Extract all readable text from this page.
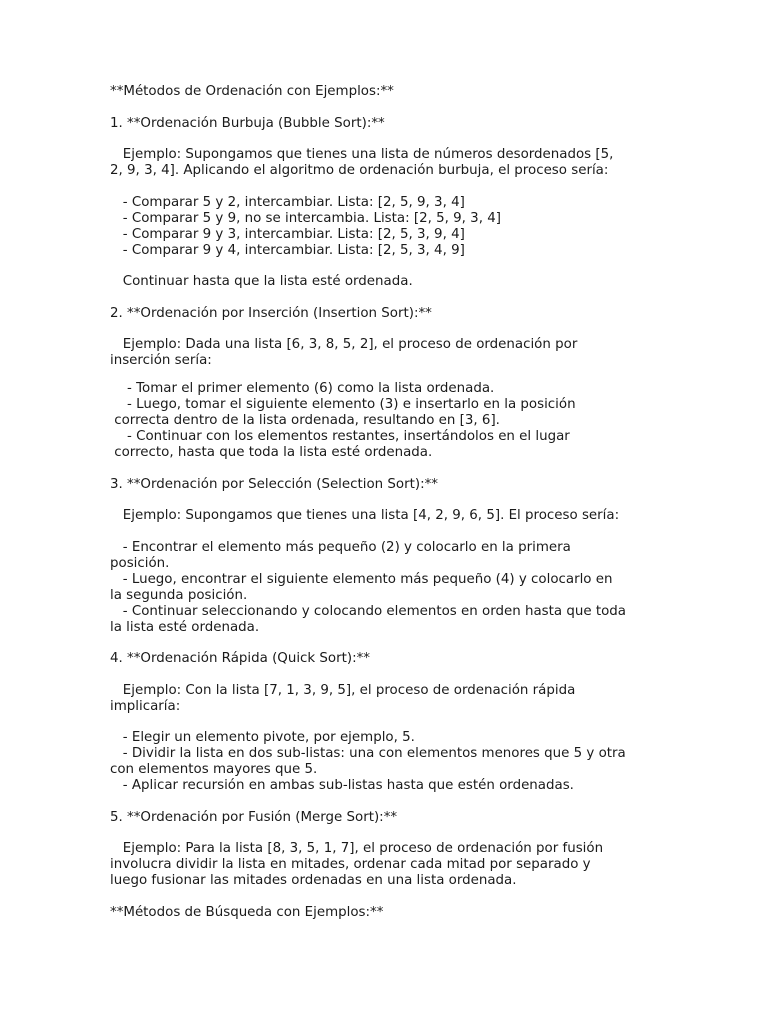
**Métodos de Ordenación con Ejemplos:**
1. **Ordenación Burbuja (Bubble Sort):**
Ejemplo: Supongamos que tienes una lista de números desordenados [5,
2, 9, 3, 4]. Aplicando el algoritmo de ordenación burbuja, el proceso sería:
- Comparar 5 y 2, intercambiar. Lista: [2, 5, 9, 3, 4]
- Comparar 5 y 9, no se intercambia. Lista: [2, 5, 9, 3, 4]
- Comparar 9 y 3, intercambiar. Lista: [2, 5, 3, 9, 4]
- Comparar 9 y 4, intercambiar. Lista: [2, 5, 3, 4, 9]
Continuar hasta que la lista esté ordenada.
2. **Ordenación por Inserción (Insertion Sort):**
Ejemplo: Dada una lista [6, 3, 8, 5, 2], el proceso de ordenación por
inserción sería:
- Tomar el primer elemento (6) como la lista ordenada.
- Luego, tomar el siguiente elemento (3) e insertarlo en la posición
correcta dentro de la lista ordenada, resultando en [3, 6].
- Continuar con los elementos restantes, insertándolos en el lugar
correcto, hasta que toda la lista esté ordenada.
3. **Ordenación por Selección (Selection Sort):**
Ejemplo: Supongamos que tienes una lista [4, 2, 9, 6, 5]. El proceso sería:
- Encontrar el elemento más pequeño (2) y colocarlo en la primera
posición.
- Luego, encontrar el siguiente elemento más pequeño (4) y colocarlo en
la segunda posición.
- Continuar seleccionando y colocando elementos en orden hasta que toda
la lista esté ordenada.
4. **Ordenación Rápida (Quick Sort):**
Ejemplo: Con la lista [7, 1, 3, 9, 5], el proceso de ordenación rápida
implicaría:
- Elegir un elemento pivote, por ejemplo, 5.
- Dividir la lista en dos sub-listas: una con elementos menores que 5 y otra
con elementos mayores que 5.
- Aplicar recursión en ambas sub-listas hasta que estén ordenadas.
5. **Ordenación por Fusión (Merge Sort):**
Ejemplo: Para la lista [8, 3, 5, 1, 7], el proceso de ordenación por fusión
involucra dividir la lista en mitades, ordenar cada mitad por separado y
luego fusionar las mitades ordenadas en una lista ordenada.
**Métodos de Búsqueda con Ejemplos:**
